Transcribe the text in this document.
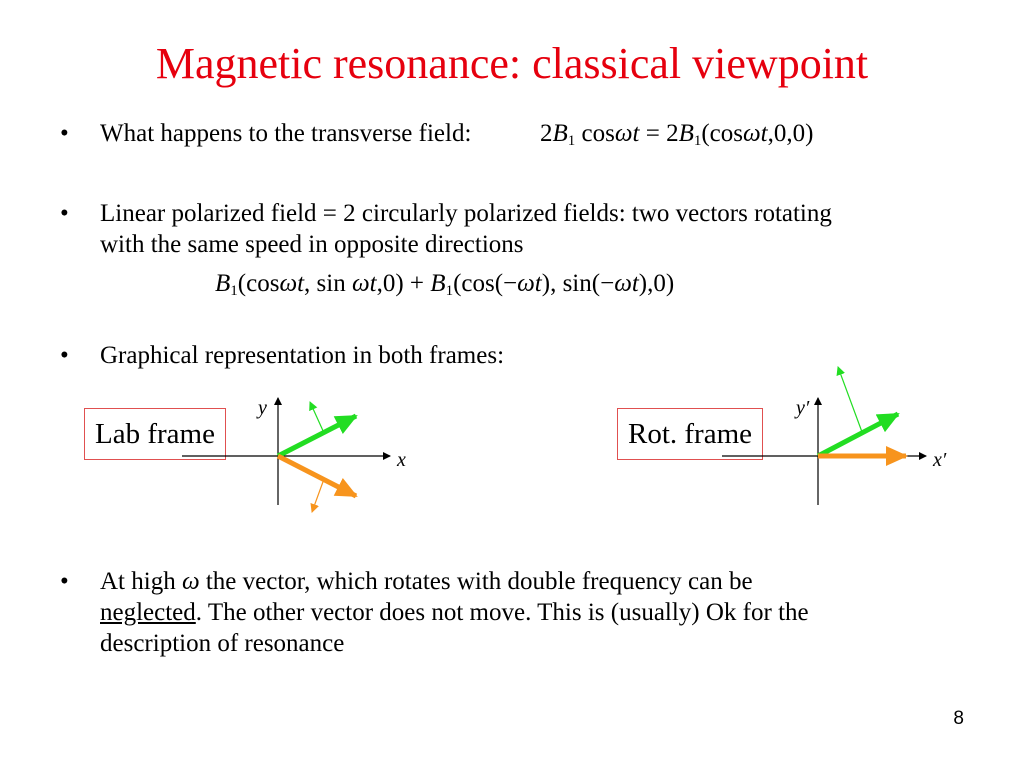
Magnetic resonance: classical viewpoint
• What happens to the transverse field:	$2B_1$ $\cos\omega t = 2B_1(\cos\omega t,0,0)$
• Linear polarized field = 2 circularly polarized fields: two vectors rotating
with the same speed in opposite directions
$B_1(\cos\omega t$, $\sin \omega t,0) + B_1(\cos(-\omega t)$, sin(−ωt),0)
• Graphical representation in both frames:
Lab frame	Rot. frame
x
y
x′
y′
• At high ω the vector, which rotates with double frequency can be
neglected. The other vector does not move. This is (usually) Ok for the
description of resonance
8
